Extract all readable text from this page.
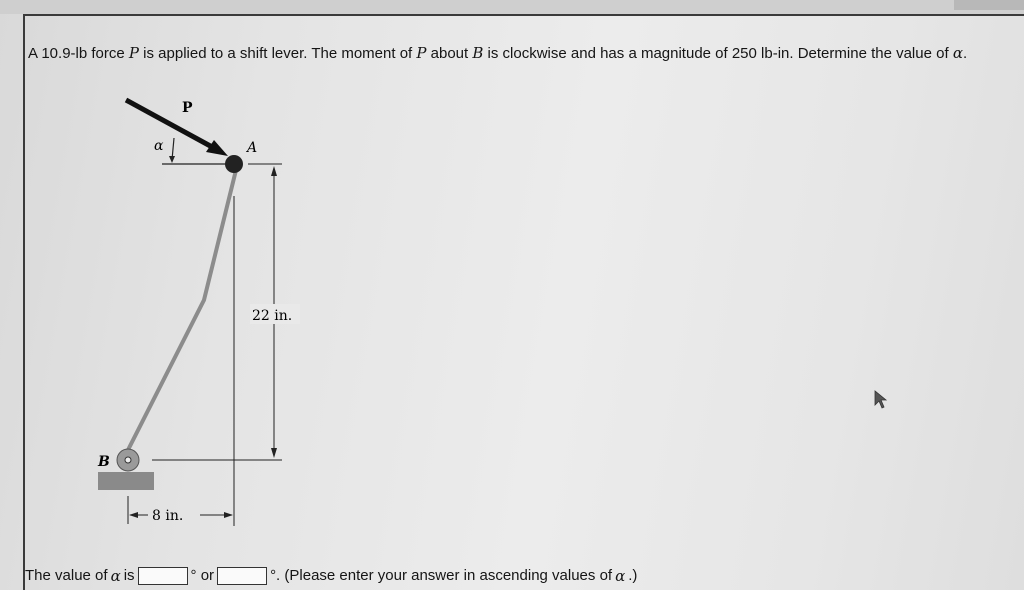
A 10.9-lb force P is applied to a shift lever. The moment of P about B is clockwise and has a magnitude of 250 lb-in. Determine the value of α.
α
P
A
B
22 in.
8 in.
The value of α is	° or	°. (Please enter your answer in ascending values of α .)
